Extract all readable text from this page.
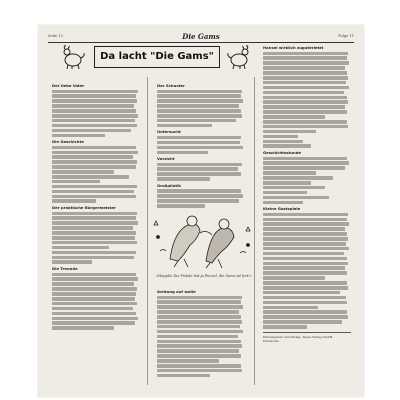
Seite 12	Die Gams	Folge 11
Da lacht "Die Gams"
Der liebe Vater
Die Geschichte
Der praktische Bürgermeister
Die Treunde
Der Schuster
Untersucht
Vorsicht
Großpilotik
»Hoppla! Die Pistole hat ja Funzel, die Gams ist fort!«
Achtung auf wolle
Hansel wirklich zuguterletzt
Geschichtsstunde
Kleine Gastspiele
Herausgeber und Verlag: Alpen-Verlag GmbH, Innsbruck...
